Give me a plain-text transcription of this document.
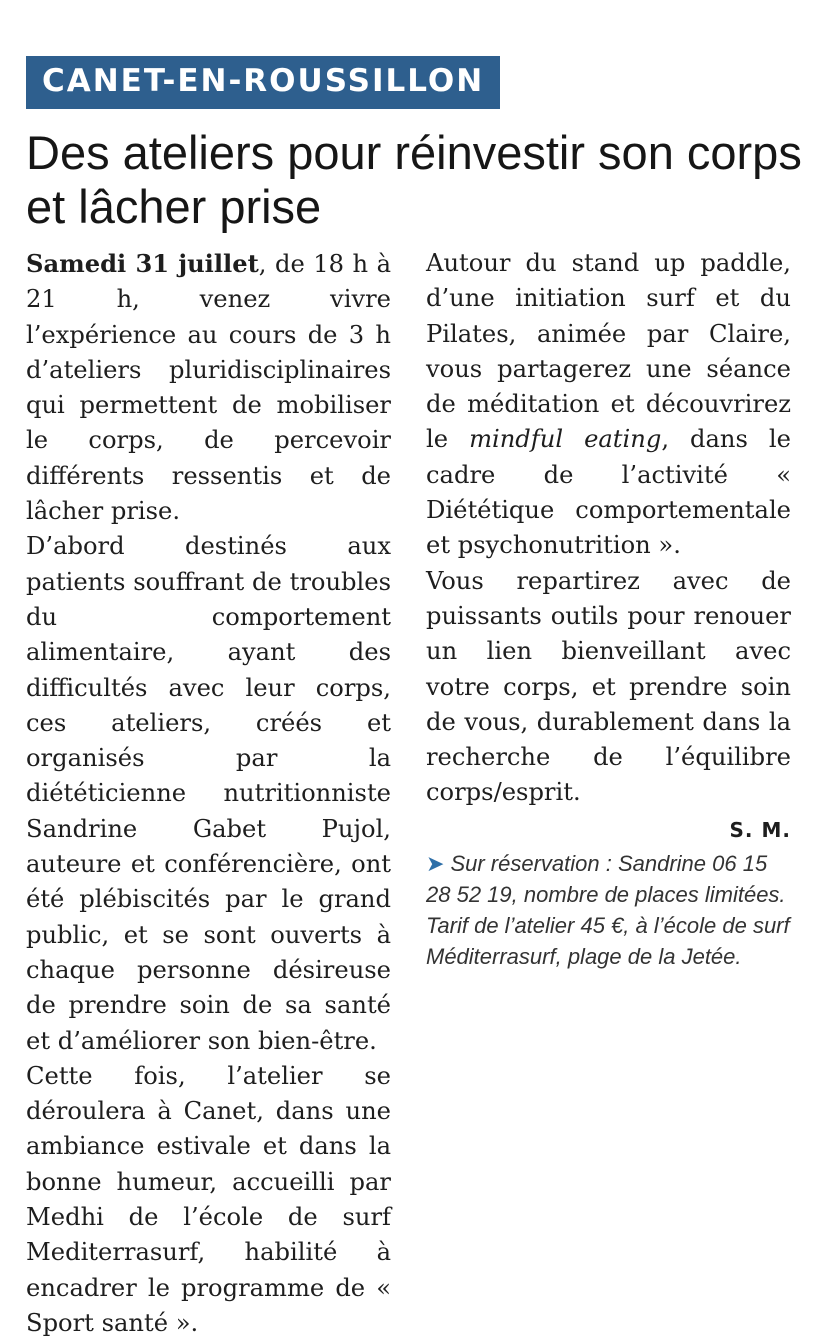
CANET-EN-ROUSSILLON
Des ateliers pour réinvestir son corps et lâcher prise

Samedi 31 juillet, de 18 h à 21 h, venez vivre l’expérience au cours de 3 h d’ateliers pluridisciplinaires qui permettent de mobiliser le corps, de percevoir différents ressentis et de lâcher prise.

D’abord destinés aux patients souffrant de troubles du comportement alimentaire, ayant des difficultés avec leur corps, ces ateliers, créés et organisés par la diététicienne nutritionniste Sandrine Gabet Pujol, auteure et conférencière, ont été plébiscités par le grand public, et se sont ouverts à chaque personne désireuse de prendre soin de sa santé et d’améliorer son bien-être.

Cette fois, l’atelier se déroulera à Canet, dans une ambiance estivale et dans la bonne humeur, accueilli par Medhi de l’école de surf Mediterrasurf, habilité à encadrer le programme de « Sport santé ».

Autour du stand up paddle, d’une initiation surf et du Pilates, animée par Claire, vous partagerez une séance de méditation et découvrirez le mindful eating, dans le cadre de l’activité « Diététique comportementale et psychonutrition ».

Vous repartirez avec de puissants outils pour renouer un lien bienveillant avec votre corps, et prendre soin de vous, durablement dans la recherche de l’équilibre corps/esprit.

S. M.

➤ Sur réservation : Sandrine 06 15 28 52 19, nombre de places limitées.

Tarif de l’atelier 45 €, à l’école de surf Méditerrasurf, plage de la Jetée.
